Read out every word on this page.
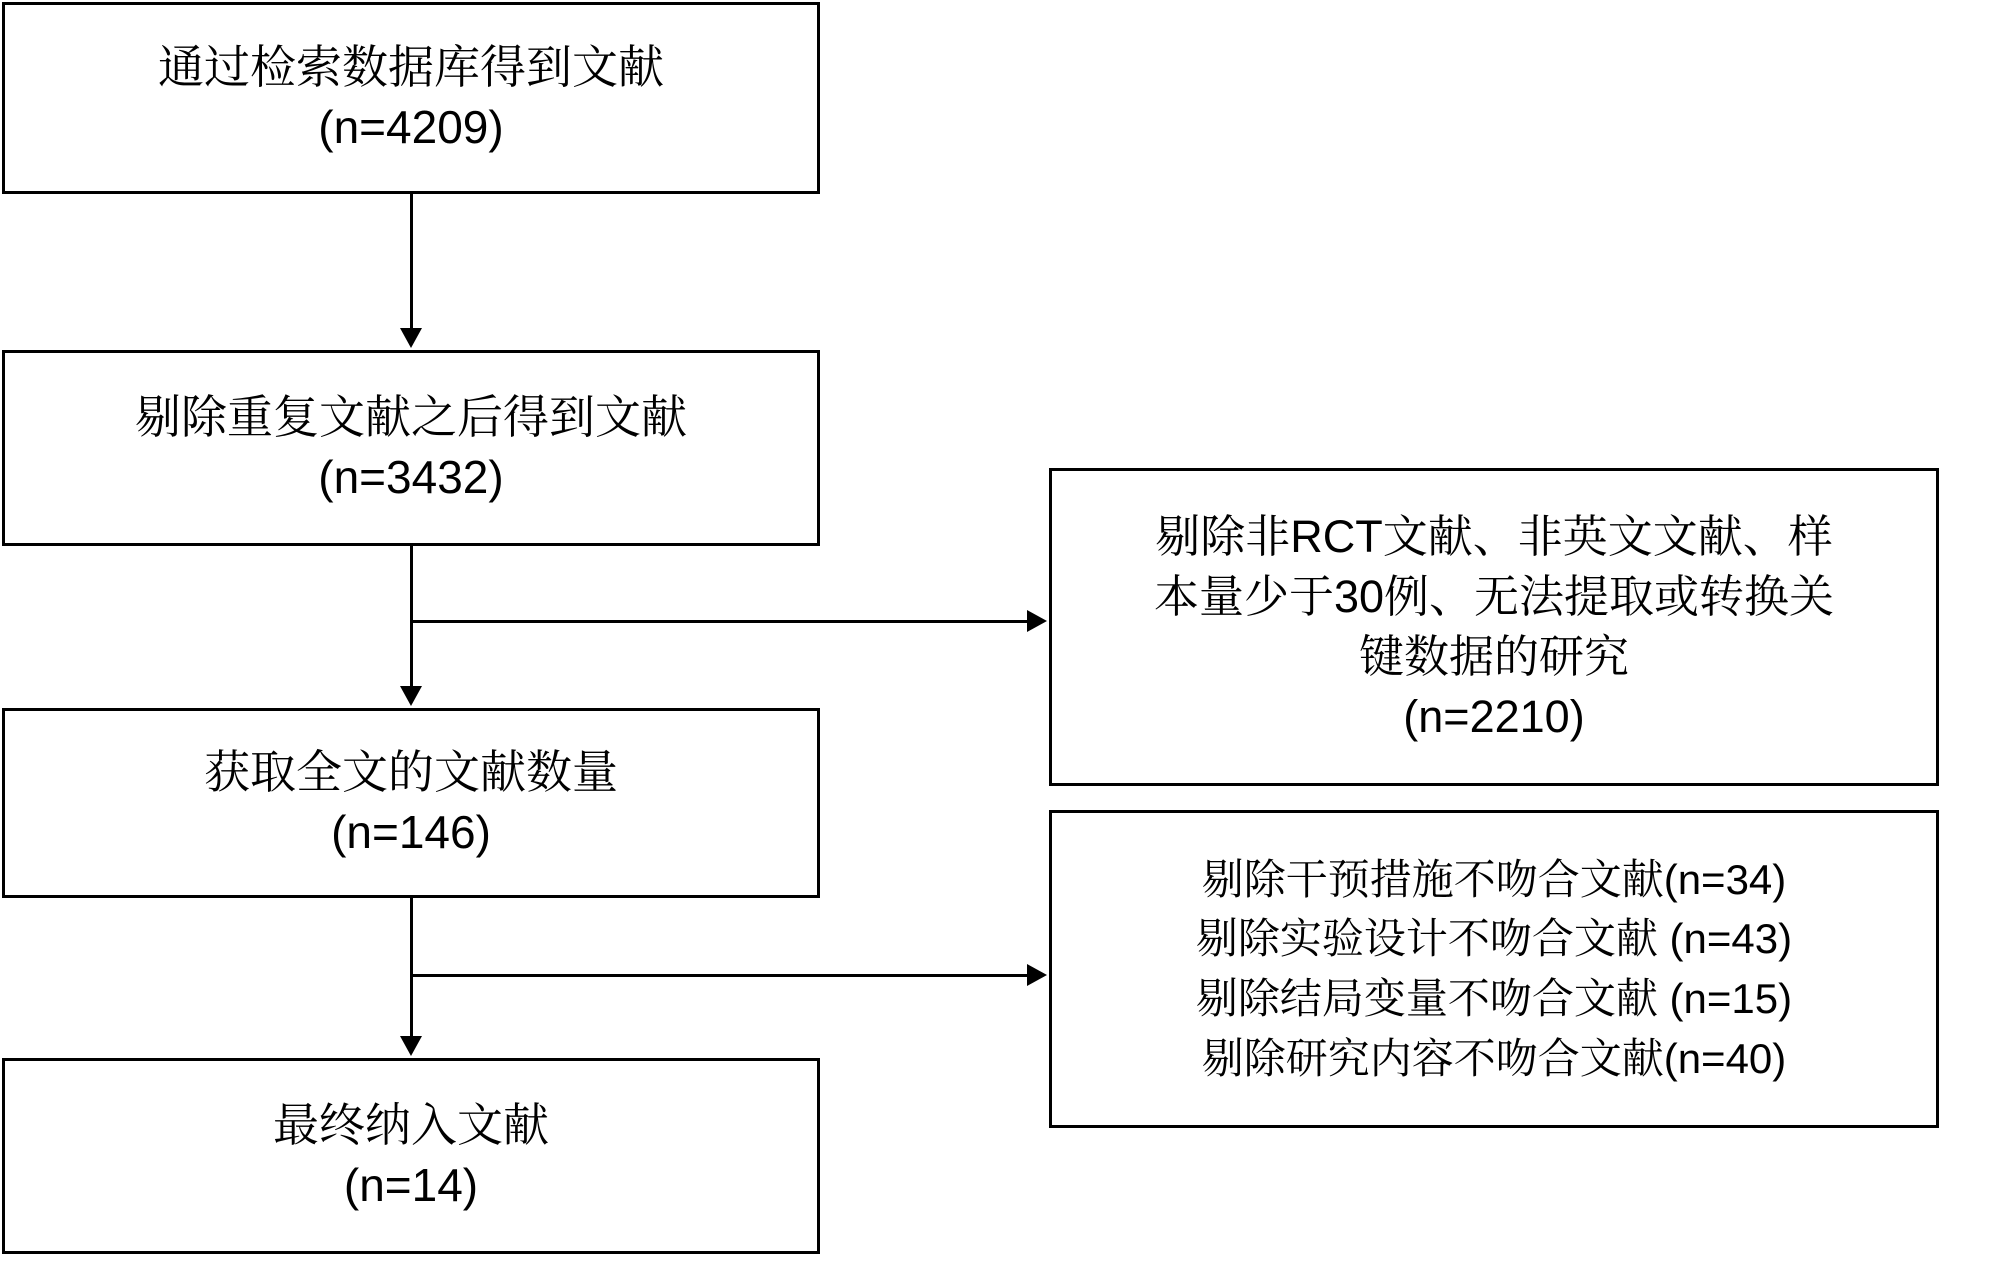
通过检索数据库得到文献
(n=4209)
剔除重复文献之后得到文献
(n=3432)
获取全文的文献数量
(n=146)
最终纳入文献
(n=14)
剔除非RCT文献、非英文文献、样
本量少于30例、无法提取或转换关
键数据的研究
(n=2210)
剔除干预措施不吻合文献(n=34)
剔除实验设计不吻合文献 (n=43)
剔除结局变量不吻合文献 (n=15)
剔除研究内容不吻合文献(n=40)
